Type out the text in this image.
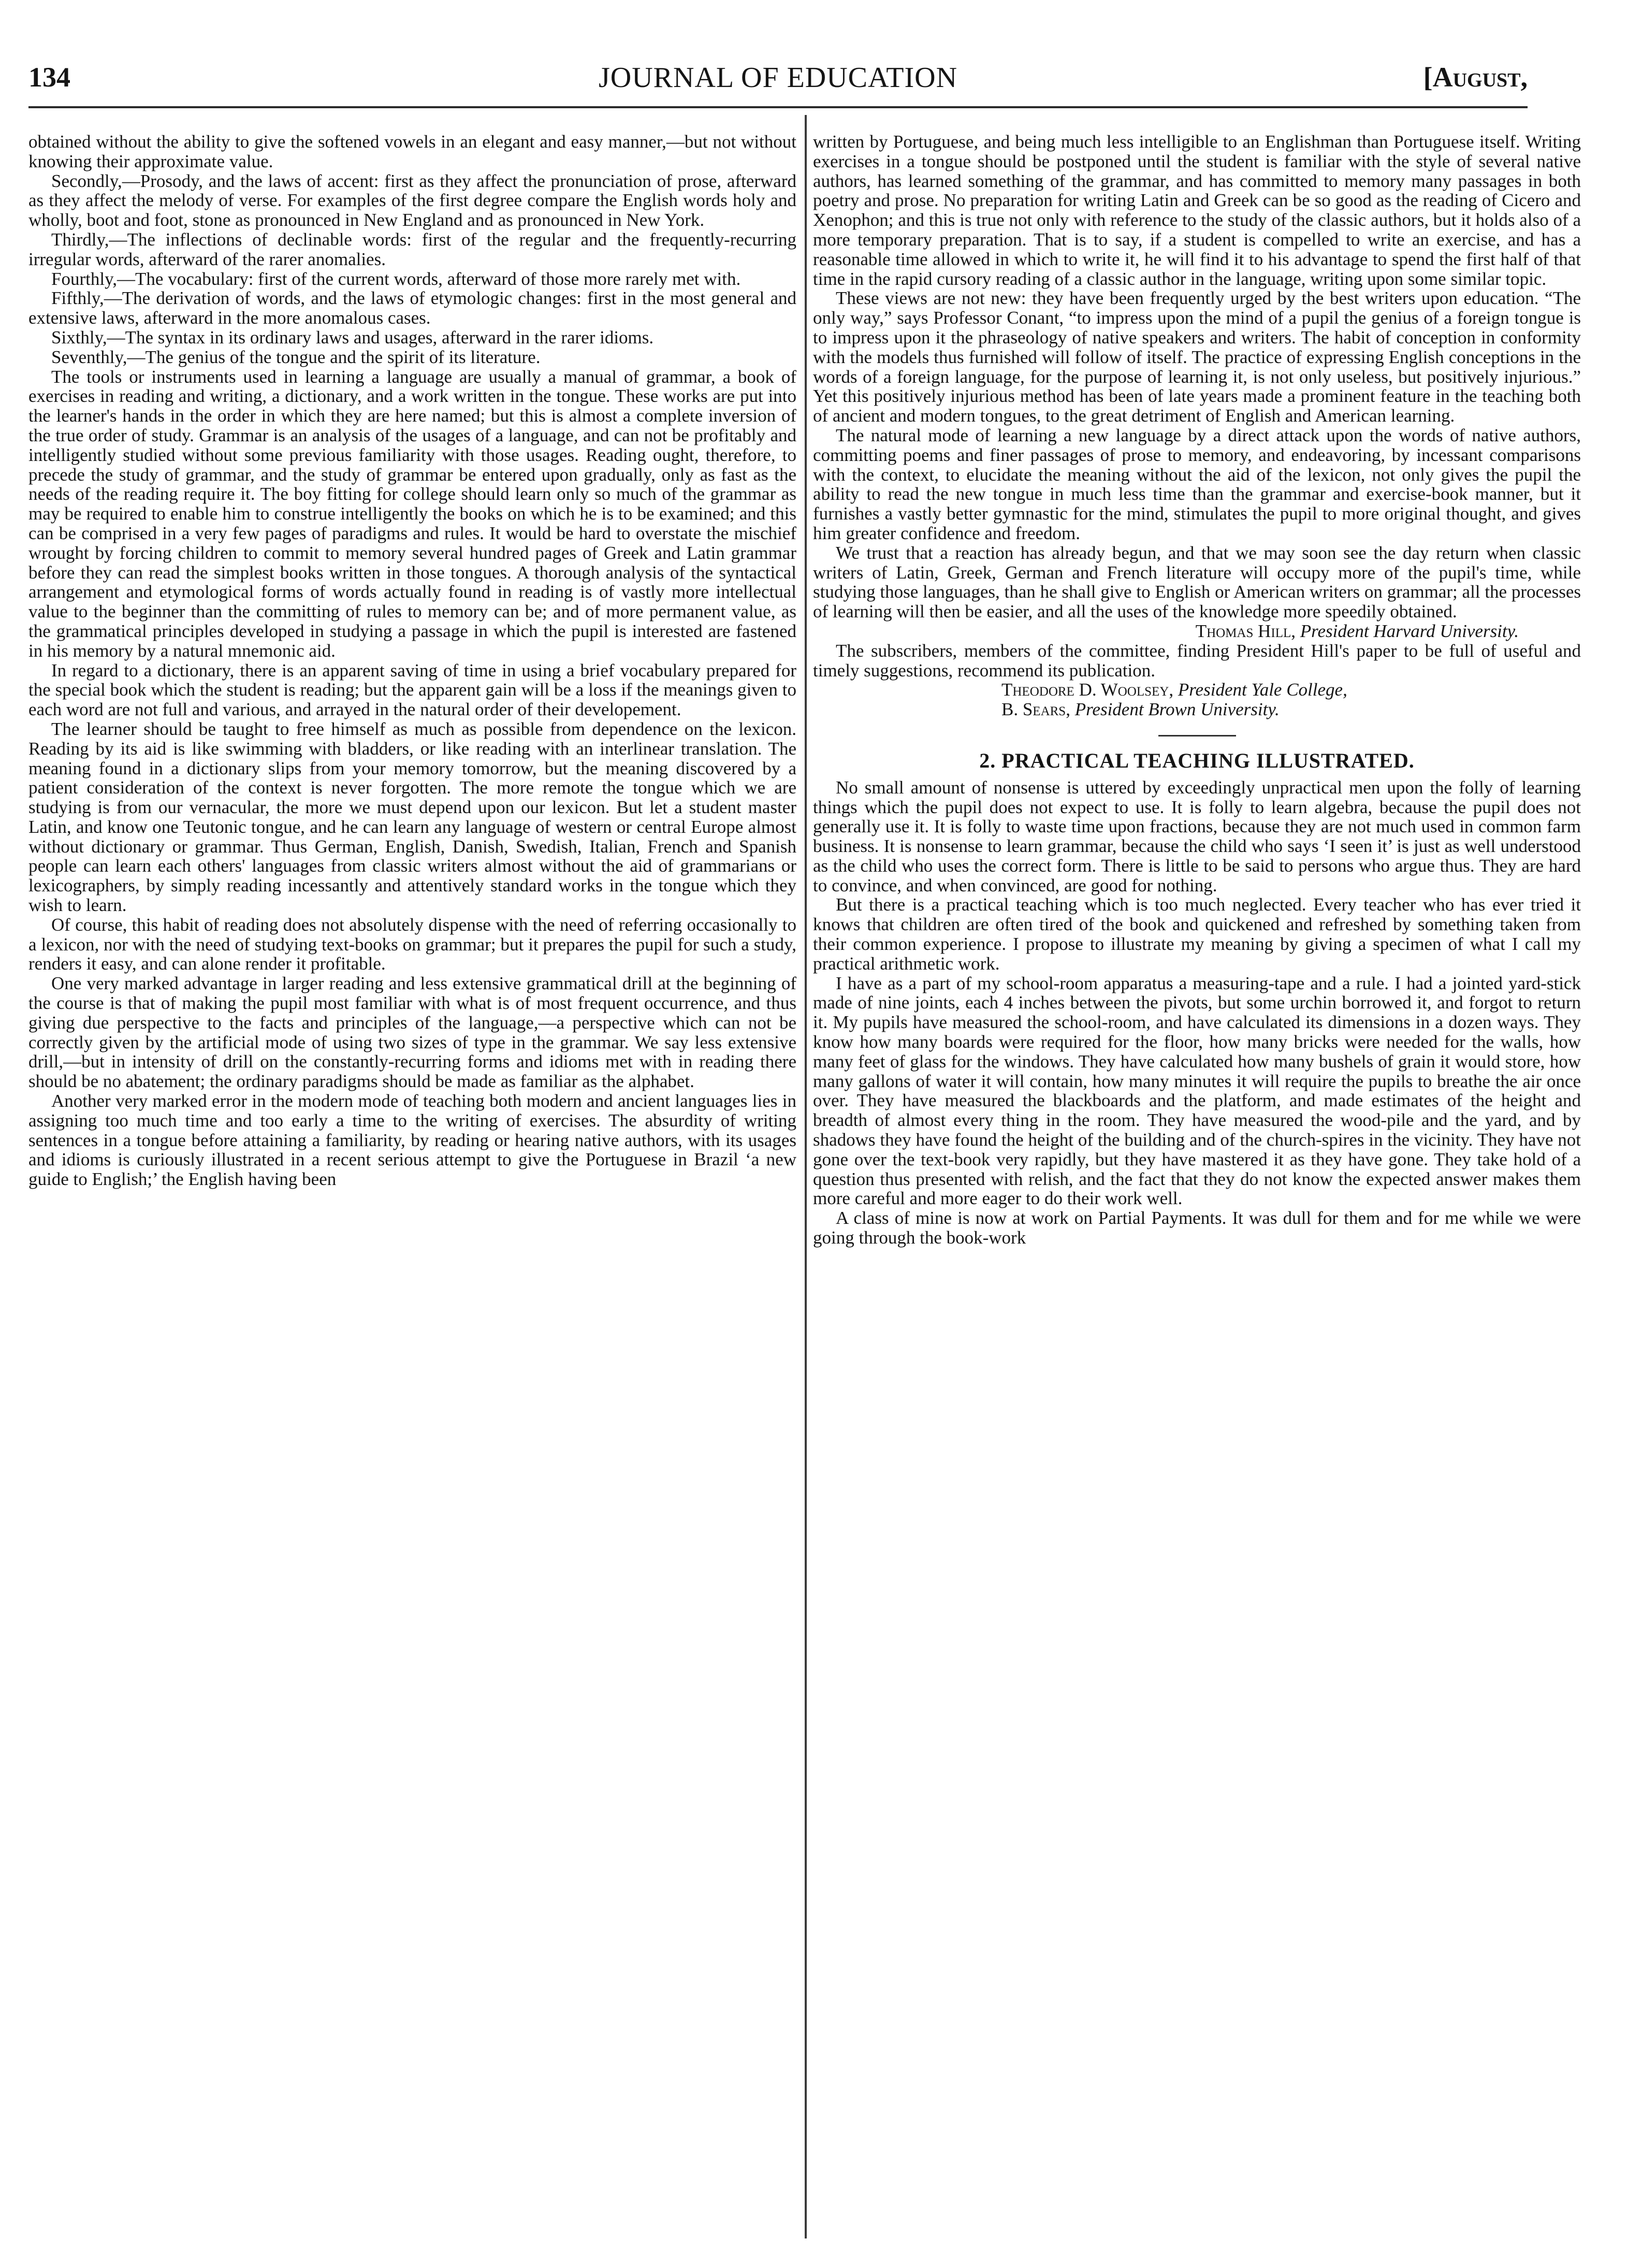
134	JOURNAL OF EDUCATION	[August,

obtained without the ability to give the softened vowels in an elegant and easy manner,—but not without knowing their approximate value.

Secondly,—Prosody, and the laws of accent: first as they affect the pronunciation of prose, afterward as they affect the melody of verse. For examples of the first degree compare the English words holy and wholly, boot and foot, stone as pronounced in New England and as pronounced in New York.

Thirdly,—The inflections of declinable words: first of the regular and the frequently-recurring irregular words, afterward of the rarer anomalies.

Fourthly,—The vocabulary: first of the current words, afterward of those more rarely met with.

Fifthly,—The derivation of words, and the laws of etymologic changes: first in the most general and extensive laws, afterward in the more anomalous cases.

Sixthly,—The syntax in its ordinary laws and usages, afterward in the rarer idioms.

Seventhly,—The genius of the tongue and the spirit of its literature.

The tools or instruments used in learning a language are usually a manual of grammar, a book of exercises in reading and writing, a dictionary, and a work written in the tongue. These works are put into the learner's hands in the order in which they are here named; but this is almost a complete inversion of the true order of study. Grammar is an analysis of the usages of a language, and can not be profitably and intelligently studied without some previous familiarity with those usages. Reading ought, therefore, to precede the study of grammar, and the study of grammar be entered upon gradually, only as fast as the needs of the reading require it. The boy fitting for college should learn only so much of the grammar as may be required to enable him to construe intelligently the books on which he is to be examined; and this can be comprised in a very few pages of paradigms and rules. It would be hard to overstate the mischief wrought by forcing children to commit to memory several hundred pages of Greek and Latin grammar before they can read the simplest books written in those tongues. A thorough analysis of the syntactical arrangement and etymological forms of words actually found in reading is of vastly more intellectual value to the beginner than the committing of rules to memory can be; and of more permanent value, as the grammatical principles developed in studying a passage in which the pupil is interested are fastened in his memory by a natural mnemonic aid.

In regard to a dictionary, there is an apparent saving of time in using a brief vocabulary prepared for the special book which the student is reading; but the apparent gain will be a loss if the meanings given to each word are not full and various, and arrayed in the natural order of their developement.

The learner should be taught to free himself as much as possible from dependence on the lexicon. Reading by its aid is like swimming with bladders, or like reading with an interlinear translation. The meaning found in a dictionary slips from your memory tomorrow, but the meaning discovered by a patient consideration of the context is never forgotten. The more remote the tongue which we are studying is from our vernacular, the more we must depend upon our lexicon. But let a student master Latin, and know one Teutonic tongue, and he can learn any language of western or central Europe almost without dictionary or grammar. Thus German, English, Danish, Swedish, Italian, French and Spanish people can learn each others' languages from classic writers almost without the aid of grammarians or lexicographers, by simply reading incessantly and attentively standard works in the tongue which they wish to learn.

Of course, this habit of reading does not absolutely dispense with the need of referring occasionally to a lexicon, nor with the need of studying text-books on grammar; but it prepares the pupil for such a study, renders it easy, and can alone render it profitable.

One very marked advantage in larger reading and less extensive grammatical drill at the beginning of the course is that of making the pupil most familiar with what is of most frequent occurrence, and thus giving due perspective to the facts and principles of the language,—a perspective which can not be correctly given by the artificial mode of using two sizes of type in the grammar. We say less extensive drill,—but in intensity of drill on the constantly-recurring forms and idioms met with in reading there should be no abatement; the ordinary paradigms should be made as familiar as the alphabet.

Another very marked error in the modern mode of teaching both modern and ancient languages lies in assigning too much time and too early a time to the writing of exercises. The absurdity of writing sentences in a tongue before attaining a familiarity, by reading or hearing native authors, with its usages and idioms is curiously illustrated in a recent serious attempt to give the Portuguese in Brazil ‘a new guide to English;’ the English having been

written by Portuguese, and being much less intelligible to an Englishman than Portuguese itself. Writing exercises in a tongue should be postponed until the student is familiar with the style of several native authors, has learned something of the grammar, and has committed to memory many passages in both poetry and prose. No preparation for writing Latin and Greek can be so good as the reading of Cicero and Xenophon; and this is true not only with reference to the study of the classic authors, but it holds also of a more temporary preparation. That is to say, if a student is compelled to write an exercise, and has a reasonable time allowed in which to write it, he will find it to his advantage to spend the first half of that time in the rapid cursory reading of a classic author in the language, writing upon some similar topic.

These views are not new: they have been frequently urged by the best writers upon education. “The only way,” says Professor Conant, “to impress upon the mind of a pupil the genius of a foreign tongue is to impress upon it the phraseology of native speakers and writers. The habit of conception in conformity with the models thus furnished will follow of itself. The practice of expressing English conceptions in the words of a foreign language, for the purpose of learning it, is not only useless, but positively injurious.” Yet this positively injurious method has been of late years made a prominent feature in the teaching both of ancient and modern tongues, to the great detriment of English and American learning.

The natural mode of learning a new language by a direct attack upon the words of native authors, committing poems and finer passages of prose to memory, and endeavoring, by incessant comparisons with the context, to elucidate the meaning without the aid of the lexicon, not only gives the pupil the ability to read the new tongue in much less time than the grammar and exercise-book manner, but it furnishes a vastly better gymnastic for the mind, stimulates the pupil to more original thought, and gives him greater confidence and freedom.

We trust that a reaction has already begun, and that we may soon see the day return when classic writers of Latin, Greek, German and French literature will occupy more of the pupil's time, while studying those languages, than he shall give to English or American writers on grammar; all the processes of learning will then be easier, and all the uses of the knowledge more speedily obtained.

Thomas Hill, President Harvard University.

The subscribers, members of the committee, finding President Hill's paper to be full of useful and timely suggestions, recommend its publication.

Theodore D. Woolsey, President Yale College,

B. Sears, President Brown University.

2. PRACTICAL TEACHING ILLUSTRATED.

No small amount of nonsense is uttered by exceedingly unpractical men upon the folly of learning things which the pupil does not expect to use. It is folly to learn algebra, because the pupil does not generally use it. It is folly to waste time upon fractions, because they are not much used in common farm business. It is nonsense to learn grammar, because the child who says ‘I seen it’ is just as well understood as the child who uses the correct form. There is little to be said to persons who argue thus. They are hard to convince, and when convinced, are good for nothing.

But there is a practical teaching which is too much neglected. Every teacher who has ever tried it knows that children are often tired of the book and quickened and refreshed by something taken from their common experience. I propose to illustrate my meaning by giving a specimen of what I call my practical arithmetic work.

I have as a part of my school-room apparatus a measuring-tape and a rule. I had a jointed yard-stick made of nine joints, each 4 inches between the pivots, but some urchin borrowed it, and forgot to return it. My pupils have measured the school-room, and have calculated its dimensions in a dozen ways. They know how many boards were required for the floor, how many bricks were needed for the walls, how many feet of glass for the windows. They have calculated how many bushels of grain it would store, how many gallons of water it will contain, how many minutes it will require the pupils to breathe the air once over. They have measured the blackboards and the platform, and made estimates of the height and breadth of almost every thing in the room. They have measured the wood-pile and the yard, and by shadows they have found the height of the building and of the church-spires in the vicinity. They have not gone over the text-book very rapidly, but they have mastered it as they have gone. They take hold of a question thus presented with relish, and the fact that they do not know the expected answer makes them more careful and more eager to do their work well.

A class of mine is now at work on Partial Payments. It was dull for them and for me while we were going through the book-work
